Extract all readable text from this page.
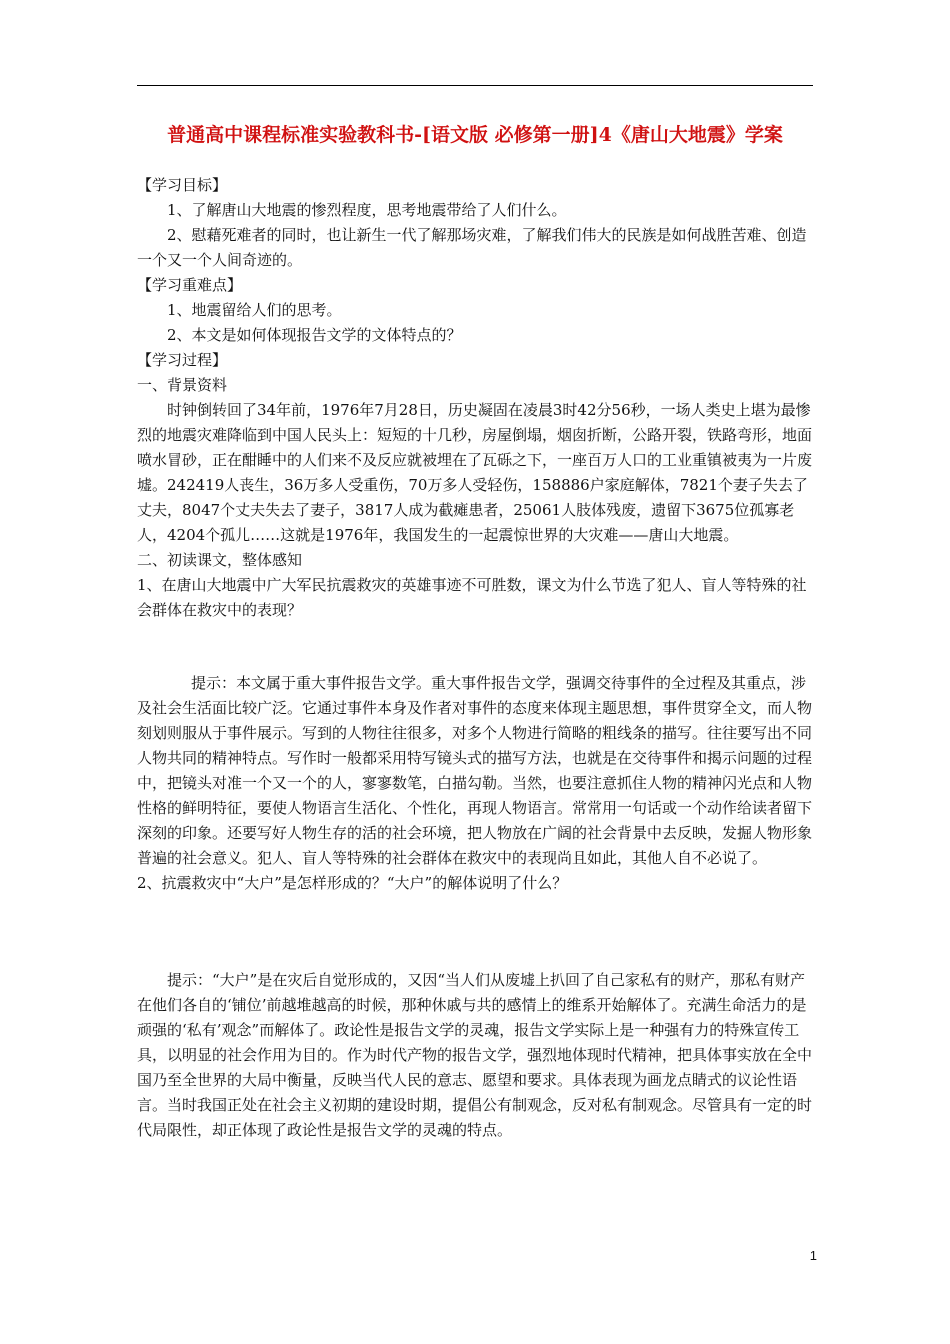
普通高中课程标准实验教科书-[语文版 必修第一册]4《唐山大地震》学案

【学习目标】

1、了解唐山大地震的惨烈程度，思考地震带给了人们什么。

2、慰藉死难者的同时，也让新生一代了解那场灾难，了解我们伟大的民族是如何战胜苦难、创造一个又一个人间奇迹的。

【学习重难点】

1、地震留给人们的思考。

2、本文是如何体现报告文学的文体特点的？

【学习过程】

一、背景资料

时钟倒转回了34年前，1976年7月28日，历史凝固在凌晨3时42分56秒，一场人类史上堪为最惨烈的地震灾难降临到中国人民头上：短短的十几秒，房屋倒塌，烟囱折断，公路开裂，铁路弯形，地面喷水冒砂，正在酣睡中的人们来不及反应就被埋在了瓦砾之下，一座百万人口的工业重镇被夷为一片废墟。242419人丧生，36万多人受重伤，70万多人受轻伤，158886户家庭解体，7821个妻子失去了丈夫，8047个丈夫失去了妻子，3817人成为截瘫患者，25061人肢体残废，遗留下3675位孤寡老人，4204个孤儿……这就是1976年，我国发生的一起震惊世界的大灾难——唐山大地震。

二、初读课文，整体感知

1、在唐山大地震中广大军民抗震救灾的英雄事迹不可胜数，课文为什么节选了犯人、盲人等特殊的社会群体在救灾中的表现？

提示：本文属于重大事件报告文学。重大事件报告文学，强调交待事件的全过程及其重点，涉及社会生活面比较广泛。它通过事件本身及作者对事件的态度来体现主题思想，事件贯穿全文，而人物刻划则服从于事件展示。写到的人物往往很多，对多个人物进行简略的粗线条的描写。往往要写出不同人物共同的精神特点。写作时一般都采用特写镜头式的描写方法，也就是在交待事件和揭示问题的过程中，把镜头对准一个又一个的人，寥寥数笔，白描勾勒。当然，也要注意抓住人物的精神闪光点和人物性格的鲜明特征，要使人物语言生活化、个性化，再现人物语言。常常用一句话或一个动作给读者留下深刻的印象。还要写好人物生存的活的社会环境，把人物放在广阔的社会背景中去反映，发掘人物形象普遍的社会意义。犯人、盲人等特殊的社会群体在救灾中的表现尚且如此，其他人自不必说了。

2、抗震救灾中“大户”是怎样形成的？“大户”的解体说明了什么？

提示：“大户”是在灾后自觉形成的，又因“当人们从废墟上扒回了自己家私有的财产，那私有财产在他们各自的‘铺位’前越堆越高的时候，那种休戚与共的感情上的维系开始解体了。充满生命活力的是顽强的‘私有’观念”而解体了。政论性是报告文学的灵魂，报告文学实际上是一种强有力的特殊宣传工具，以明显的社会作用为目的。作为时代产物的报告文学，强烈地体现时代精神，把具体事实放在全中国乃至全世界的大局中衡量，反映当代人民的意志、愿望和要求。具体表现为画龙点睛式的议论性语言。当时我国正处在社会主义初期的建设时期，提倡公有制观念，反对私有制观念。尽管具有一定的时代局限性，却正体现了政论性是报告文学的灵魂的特点。

1
